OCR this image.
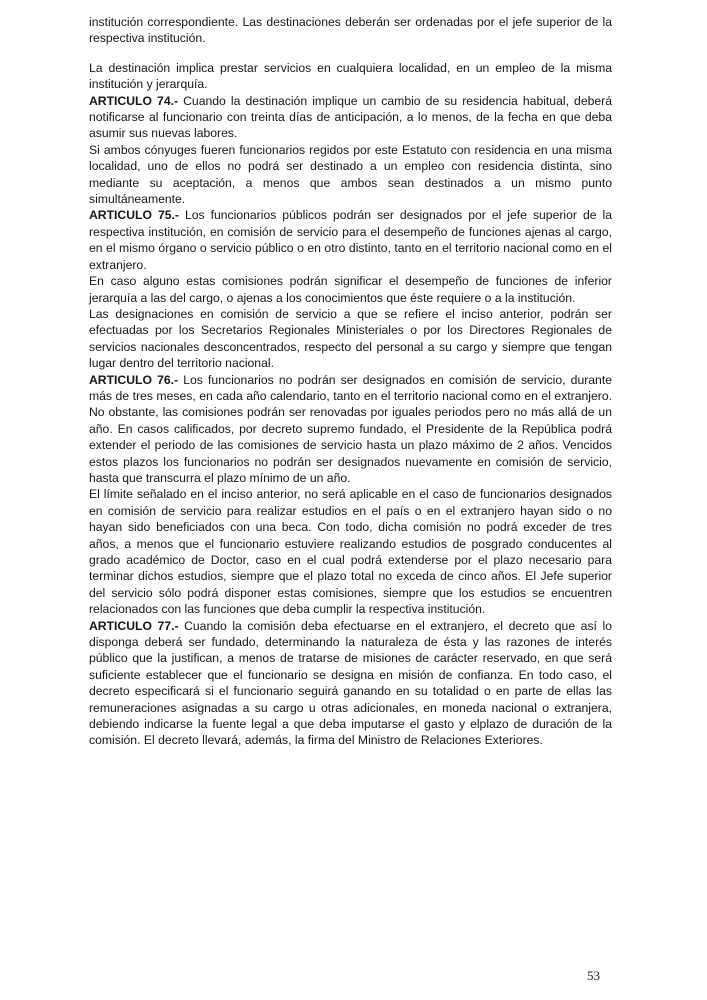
institución correspondiente. Las destinaciones deberán ser ordenadas por el jefe superior de la respectiva institución.

La destinación implica prestar servicios en cualquiera localidad, en un empleo de la misma institución y jerarquía.

ARTICULO 74.- Cuando la destinación implique un cambio de su residencia habitual, deberá notificarse al funcionario con treinta días de anticipación, a lo menos, de la fecha en que deba asumir sus nuevas labores.

Si ambos cónyuges fueren funcionarios regidos por este Estatuto con residencia en una misma localidad, uno de ellos no podrá ser destinado a un empleo con residencia distinta, sino mediante su aceptación, a menos que ambos sean destinados a un mismo punto simultáneamente.

ARTICULO 75.- Los funcionarios públicos podrán ser designados por el jefe superior de la respectiva institución, en comisión de servicio para el desempeño de funciones ajenas al cargo, en el mismo órgano o servicio público o en otro distinto, tanto en el territorio nacional como en el extranjero.

En caso alguno estas comisiones podrán significar el desempeño de funciones de inferior jerarquía a las del cargo, o ajenas a los conocimientos que éste requiere o a la institución.

Las designaciones en comisión de servicio a que se refiere el inciso anterior, podrán ser efectuadas por los Secretarios Regionales Ministeriales o por los Directores Regionales de servicios nacionales desconcentrados, respecto del personal a su cargo y siempre que tengan lugar dentro del territorio nacional.

ARTICULO 76.- Los funcionarios no podrán ser designados en comisión de servicio, durante más de tres meses, en cada año calendario, tanto en el territorio nacional como en el extranjero. No obstante, las comisiones podrán ser renovadas por iguales periodos pero no más allá de un año. En casos calificados, por decreto supremo fundado, el Presidente de la República podrá extender el periodo de las comisiones de servicio hasta un plazo máximo de 2 años. Vencidos estos plazos los funcionarios no podrán ser designados nuevamente en comisión de servicio, hasta que transcurra el plazo mínimo de un año.

El límite señalado en el inciso anterior, no será aplicable en el caso de funcionarios designados en comisión de servicio para realizar estudios en el país o en el extranjero hayan sido o no hayan sido beneficiados con una beca. Con todo, dicha comisión no podrá exceder de tres años, a menos que el funcionario estuviere realizando estudios de posgrado conducentes al grado académico de Doctor, caso en el cual podrá extenderse por el plazo necesario para terminar dichos estudios, siempre que el plazo total no exceda de cinco años. El Jefe superior del servicio sólo podrá disponer estas comisiones, siempre que los estudios se encuentren relacionados con las funciones que deba cumplir la respectiva institución.

ARTICULO 77.- Cuando la comisión deba efectuarse en el extranjero, el decreto que así lo disponga deberá ser fundado, determinando la naturaleza de ésta y las razones de interés público que la justifican, a menos de tratarse de misiones de carácter reservado, en que será suficiente establecer que el funcionario se designa en misión de confianza. En todo caso, el decreto especificará si el funcionario seguirá ganando en su totalidad o en parte de ellas las remuneraciones asignadas a su cargo u otras adicionales, en moneda nacional o extranjera, debiendo indicarse la fuente legal a que deba imputarse el gasto y elplazo de duración de la comisión. El decreto llevará, además, la firma del Ministro de Relaciones Exteriores.

53
